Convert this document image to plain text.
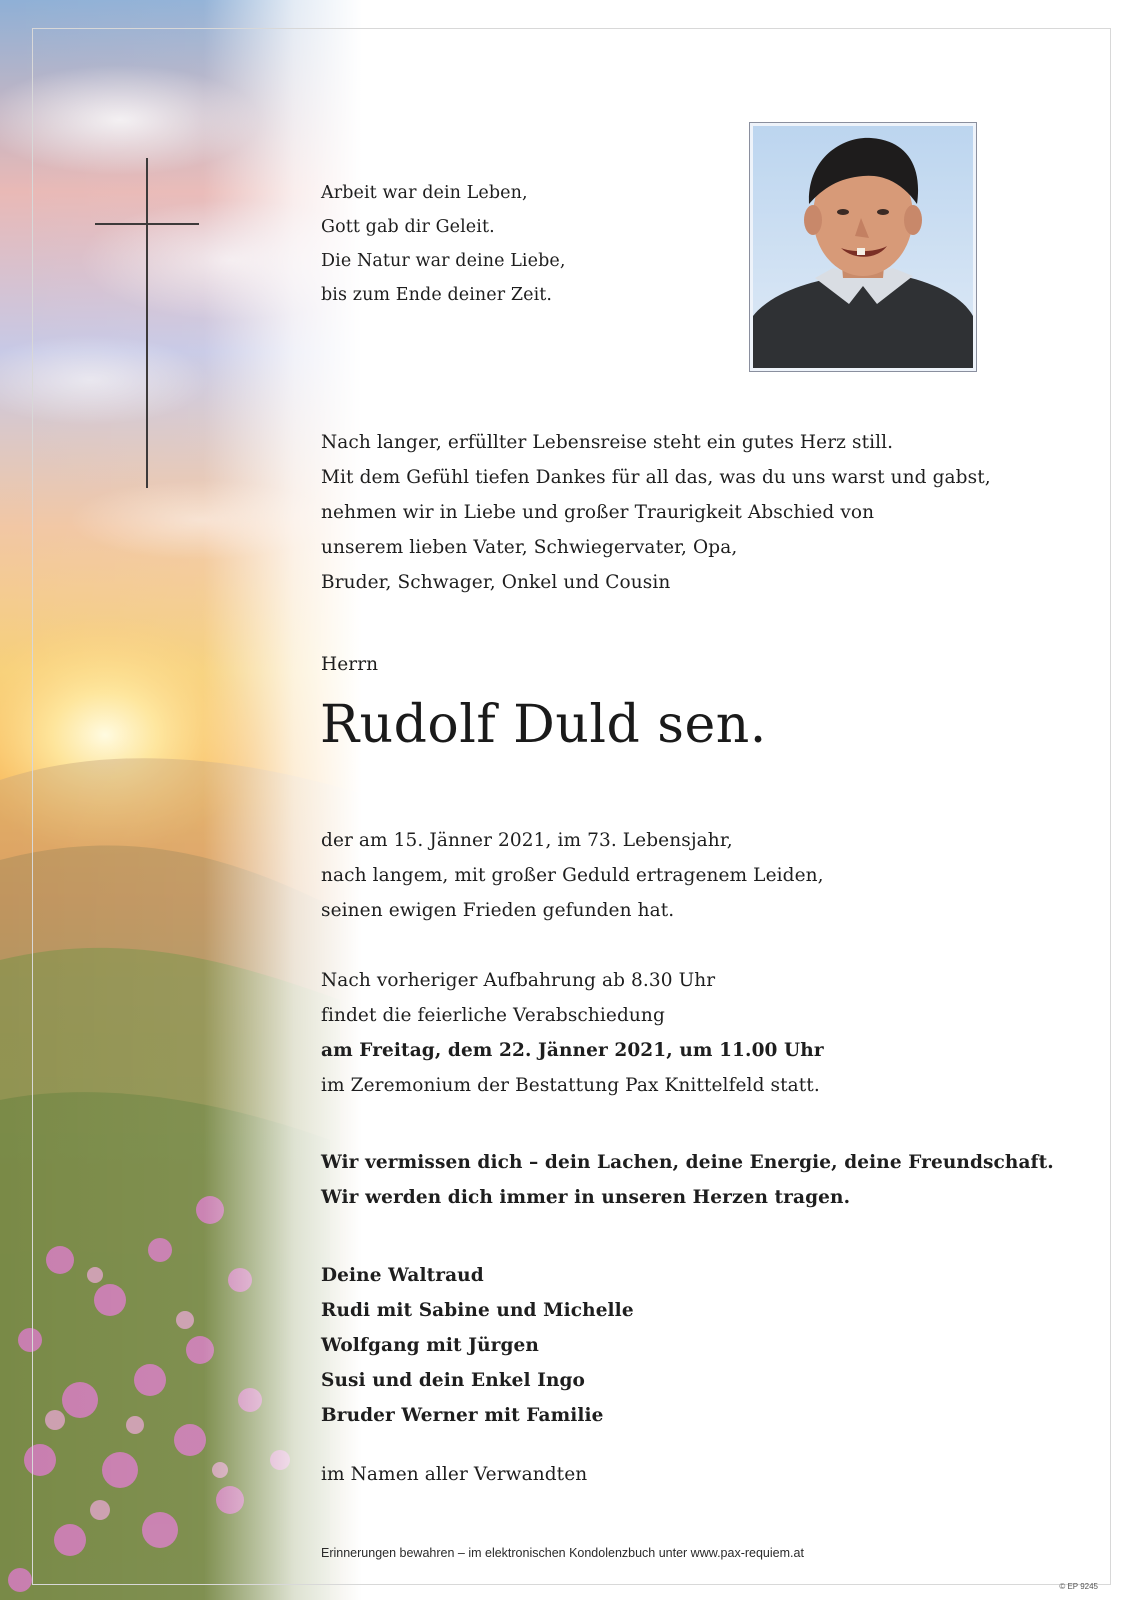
Arbeit war dein Leben,
Gott gab dir Geleit.
Die Natur war deine Liebe,
bis zum Ende deiner Zeit.
Nach langer, erfüllter Lebensreise steht ein gutes Herz still.
Mit dem Gefühl tiefen Dankes für all das, was du uns warst und gabst,
nehmen wir in Liebe und großer Traurigkeit Abschied von
unserem lieben Vater, Schwiegervater, Opa,
Bruder, Schwager, Onkel und Cousin
Herrn
Rudolf Duld sen.
der am 15. Jänner 2021, im 73. Lebensjahr,
nach langem, mit großer Geduld ertragenem Leiden,
seinen ewigen Frieden gefunden hat.
Nach vorheriger Aufbahrung ab 8.30 Uhr
findet die feierliche Verabschiedung
am Freitag, dem 22. Jänner 2021, um 11.00 Uhr
im Zeremonium der Bestattung Pax Knittelfeld statt.
Wir vermissen dich – dein Lachen, deine Energie, deine Freundschaft.
Wir werden dich immer in unseren Herzen tragen.
Deine Waltraud
Rudi mit Sabine und Michelle
Wolfgang mit Jürgen
Susi und dein Enkel Ingo
Bruder Werner mit Familie
im Namen aller Verwandten
Erinnerungen bewahren – im elektronischen Kondolenzbuch unter www.pax-requiem.at
© EP 9245
